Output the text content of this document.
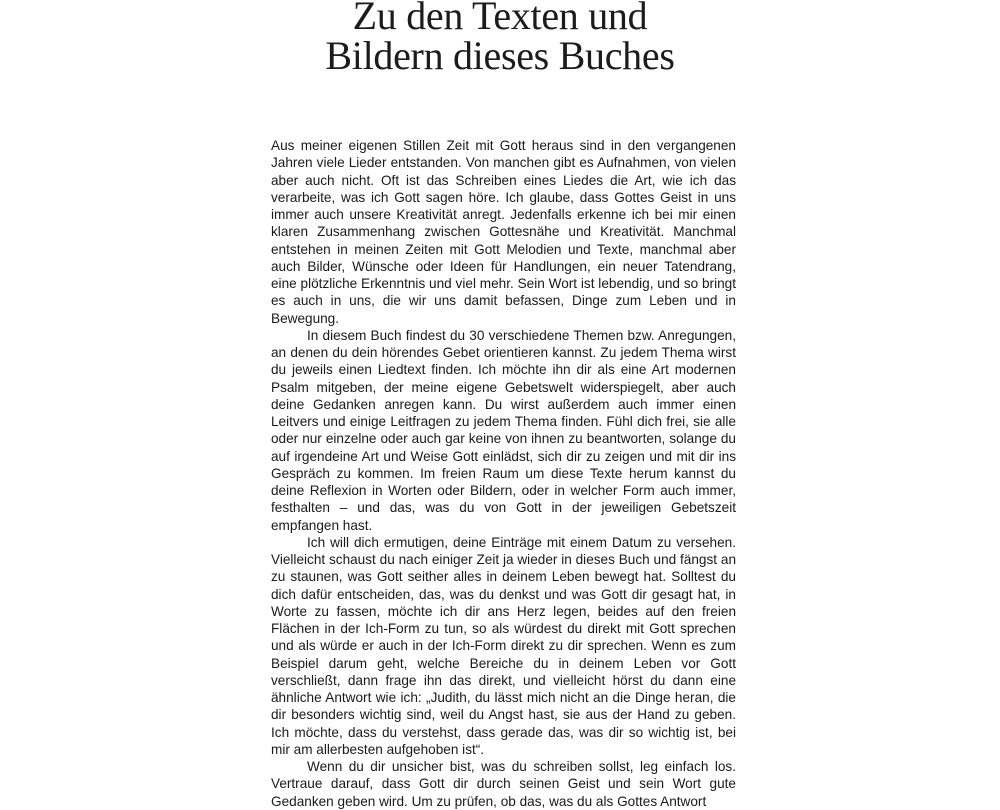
Zu den Texten und
Bildern dieses Buches

Aus meiner eigenen Stillen Zeit mit Gott heraus sind in den vergangenen Jahren viele Lieder entstanden. Von manchen gibt es Aufnahmen, von vielen aber auch nicht. Oft ist das Schreiben eines Liedes die Art, wie ich das verarbeite, was ich Gott sagen höre. Ich glaube, dass Gottes Geist in uns immer auch unsere Kreativität anregt. Jedenfalls erkenne ich bei mir einen klaren Zusammenhang zwischen Gottesnähe und Kreativität. Manchmal entstehen in meinen Zeiten mit Gott Melodien und Texte, manchmal aber auch Bilder, Wünsche oder Ideen für Handlungen, ein neuer Tatendrang, eine plötzliche Erkenntnis und viel mehr. Sein Wort ist lebendig, und so bringt es auch in uns, die wir uns damit befassen, Dinge zum Leben und in Bewegung.

In diesem Buch findest du 30 verschiedene Themen bzw. Anregungen, an denen du dein hörendes Gebet orientieren kannst. Zu jedem Thema wirst du jeweils einen Liedtext finden. Ich möchte ihn dir als eine Art modernen Psalm mitgeben, der meine eigene Gebetswelt widerspiegelt, aber auch deine Gedanken anregen kann. Du wirst außerdem auch immer einen Leitvers und einige Leitfragen zu jedem Thema finden. Fühl dich frei, sie alle oder nur einzelne oder auch gar keine von ihnen zu beantworten, solange du auf irgendeine Art und Weise Gott einlädst, sich dir zu zeigen und mit dir ins Gespräch zu kommen. Im freien Raum um diese Texte herum kannst du deine Reflexion in Worten oder Bildern, oder in welcher Form auch immer, festhalten – und das, was du von Gott in der jeweiligen Gebetszeit empfangen hast.

Ich will dich ermutigen, deine Einträge mit einem Datum zu versehen. Vielleicht schaust du nach einiger Zeit ja wieder in dieses Buch und fängst an zu staunen, was Gott seither alles in deinem Leben bewegt hat. Solltest du dich dafür entscheiden, das, was du denkst und was Gott dir gesagt hat, in Worte zu fassen, möchte ich dir ans Herz legen, beides auf den freien Flächen in der Ich-Form zu tun, so als würdest du direkt mit Gott sprechen und als würde er auch in der Ich-Form direkt zu dir sprechen. Wenn es zum Beispiel darum geht, welche Bereiche du in deinem Leben vor Gott verschließt, dann frage ihn das direkt, und vielleicht hörst du dann eine ähnliche Antwort wie ich: „Judith, du lässt mich nicht an die Dinge heran, die dir besonders wichtig sind, weil du Angst hast, sie aus der Hand zu geben. Ich möchte, dass du verstehst, dass gerade das, was dir so wichtig ist, bei mir am allerbesten aufgehoben ist“.

Wenn du dir unsicher bist, was du schreiben sollst, leg einfach los. Vertraue darauf, dass Gott dir durch seinen Geist und sein Wort gute Gedanken geben wird. Um zu prüfen, ob das, was du als Gottes Antwort
